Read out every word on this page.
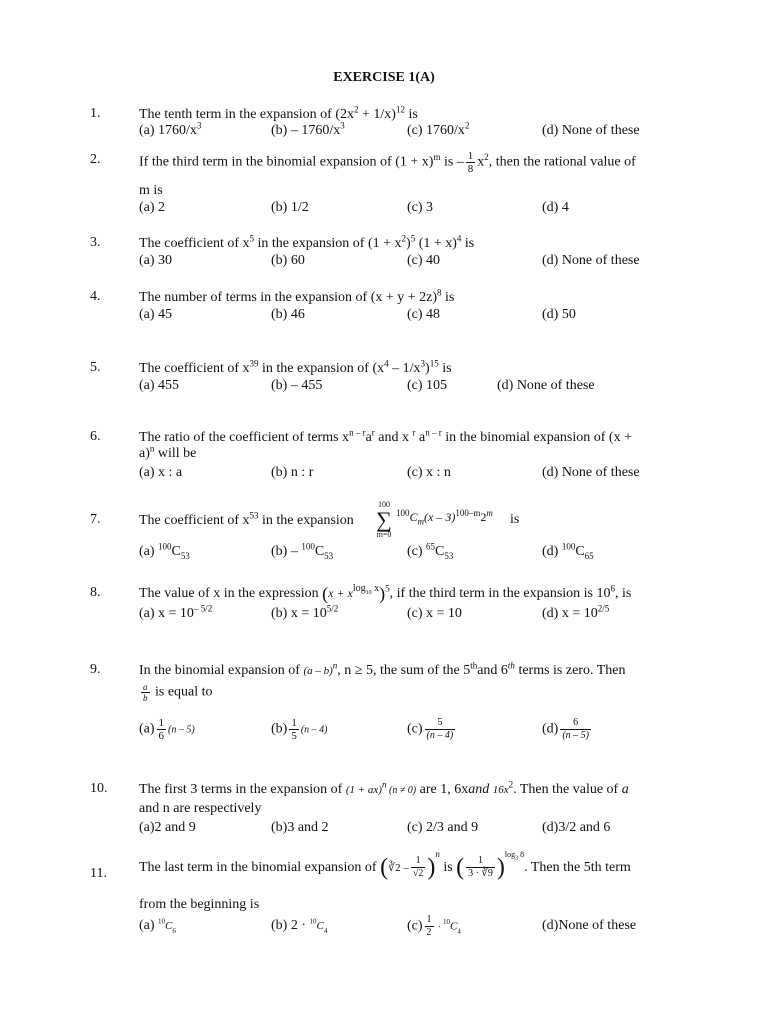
EXERCISE 1(A)
1.	The tenth term in the expansion of $(2x^2 + 1/x)^{12}$ is
(a) $1760/x^3$	$(b) - 1760/x^3$	(c) $1760/x^2$	(d) None of these
2.	If the third term in the binomial expansion of $(1 + x)^m$ is – $\frac{1}{8} x^2$, then the rational value of
m is
(a) 2	(b) 1/2	(c) 3	(d) 4
3.	The coefficient of $x^5$ in the expansion of $(1 + x^2)^5$ $(1 + x)^4$ is
(a) 30	(b) 60	(c) 40	(d) None of these
4.	The number of terms in the expansion of $(x + y + 2z)^8$ is
(a) 45	(b) 46	(c) 48	(d) 50
5.	The coefficient of $x^{39}$ in the expansion of $(x^4 - 1/x^3)^{15}$ is
(a) 455	(b) – 455	(c) 105	(d) None of these
6.	The ratio of the coefficient of terms $x^{n - r}a^r$ and x $^r$ $a^{n - r}$ in the binomial expansion of (x +
a)$^n$ will be
(a) x : a	(b) n : r	(c) x : n	(d) None of these
7.	The coefficient of $x^{53}$ in the expansion
100
∑
m=0
$^{100}C_m(x - 3)^{100-m}2^m$ is
(a) $^{100}C_{53}$	$(b) - ^{100}C_{53}$	(c) $^{65}C_{53}$	(d) $^{100}C_{65}$
8.	The value of x in the expression $(x + x^{log_{10} x})^5$, if the third term in the expansion is $10^6$, is
(a) $x = 10^{- 5/2}$	(b) $x = 10^{5/2}$	(c) x = 10	(d) $x = 10^{2/5}$
9.	In the binomial expansion of (a – b)$^n$, n ≥ 5, the sum of the 5thand 6th terms is zero. Then
$\frac{a}{b}$ is equal to
$(a) \frac{1}{6} (n - 5)$	$(b) \frac{1}{5} (n - 4)$	$(c) \frac{5}{(n - 4)}$	$(d) \frac{6}{(n - 5)}$
10. The first 3 terms in the expansion of (1 + ax)$^n$ (n ≠ 0) are 1, 6xand $16x^2$. Then the value of a
and n are respectively
(a)2 and 9	(b)3 and 2	(c) 2/3 and 9	(d)3/2 and 6
11. The last term in the binomial expansion of (∛2 – $\frac{1}{√2} )^n$ is ( $\frac{1}{3 \cdot ∛9} )^{log_3 8}$. Then the 5th term
from the beginning is
(a) $^{10}C_6$	(b) $2 \cdot ^{10}C_4$	$(c) \frac{1}{2} \cdot ^{10}C_4$	(d)None of these
